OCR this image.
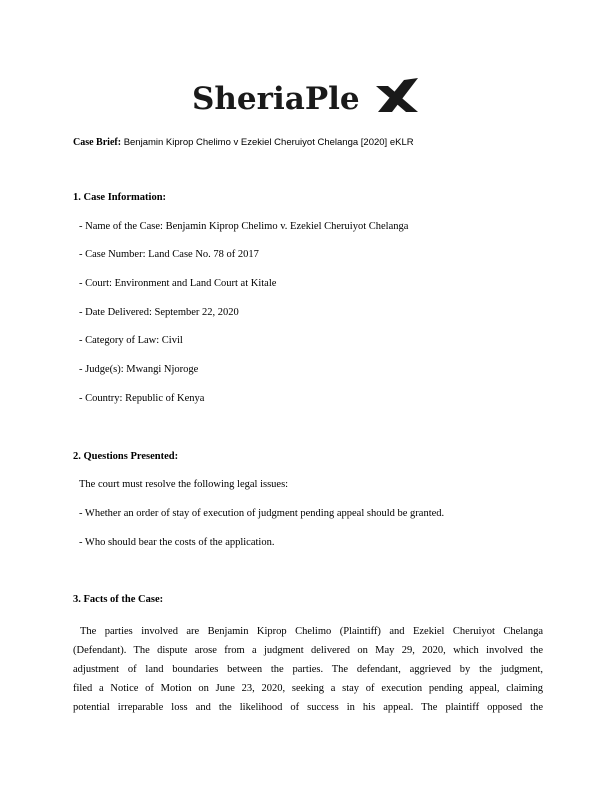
SheriaPle
Case Brief: Benjamin Kiprop Chelimo v Ezekiel Cheruiyot Chelanga [2020] eKLR
1. Case Information:
- Name of the Case: Benjamin Kiprop Chelimo v. Ezekiel Cheruiyot Chelanga
- Case Number: Land Case No. 78 of 2017
- Court: Environment and Land Court at Kitale
- Date Delivered: September 22, 2020
- Category of Law: Civil
- Judge(s): Mwangi Njoroge
- Country: Republic of Kenya
2. Questions Presented:
The court must resolve the following legal issues:
- Whether an order of stay of execution of judgment pending appeal should be granted.
- Who should bear the costs of the application.
3. Facts of the Case:
The parties involved are Benjamin Kiprop Chelimo (Plaintiff) and Ezekiel Cheruiyot Chelanga
(Defendant). The dispute arose from a judgment delivered on May 29, 2020, which involved the
adjustment of land boundaries between the parties. The defendant, aggrieved by the judgment,
filed a Notice of Motion on June 23, 2020, seeking a stay of execution pending appeal, claiming
potential irreparable loss and the likelihood of success in his appeal. The plaintiff opposed the
